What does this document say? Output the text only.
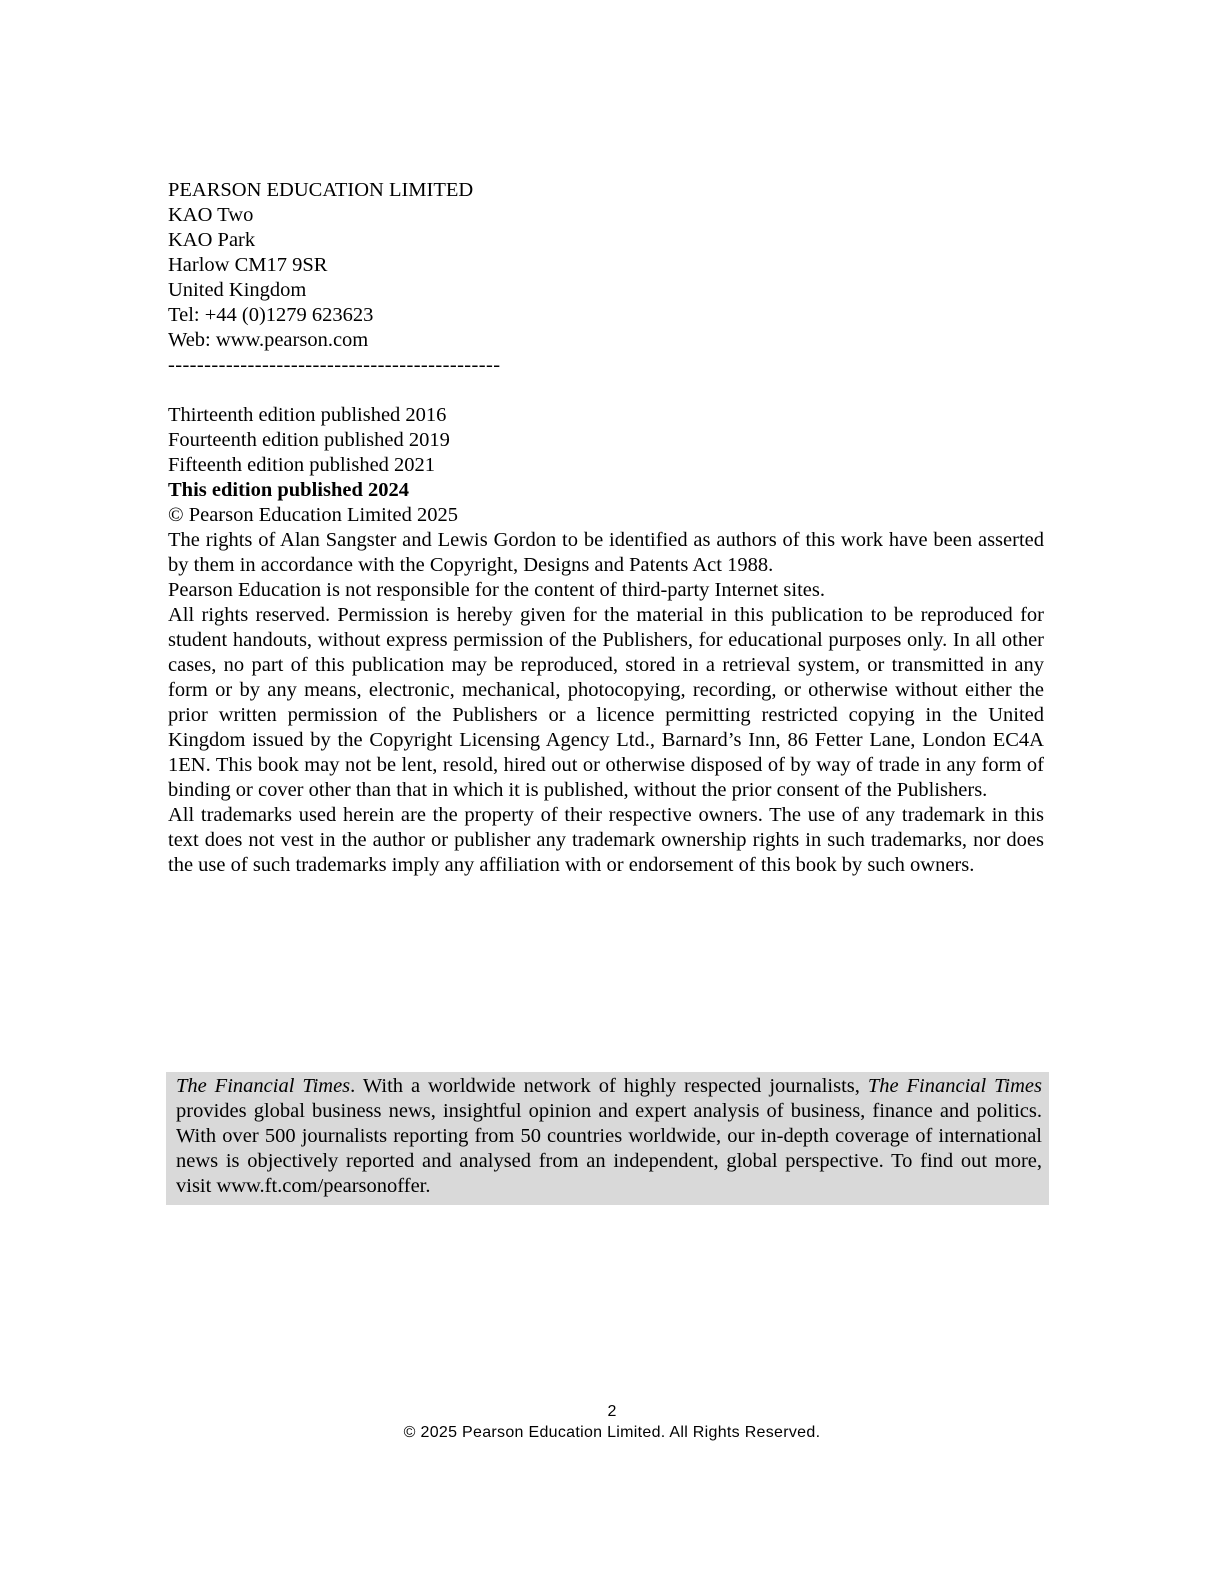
PEARSON EDUCATION LIMITED
KAO Two
KAO Park
Harlow CM17 9SR
United Kingdom
Tel: +44 (0)1279 623623
Web: www.pearson.com
----------------------------------------------
Thirteenth edition published 2016
Fourteenth edition published 2019
Fifteenth edition published 2021
This edition published 2024

© Pearson Education Limited 2025

The rights of Alan Sangster and Lewis Gordon to be identified as authors of this work have been asserted by them in accordance with the Copyright, Designs and Patents Act 1988.

Pearson Education is not responsible for the content of third-party Internet sites.

All rights reserved. Permission is hereby given for the material in this publication to be reproduced for student handouts, without express permission of the Publishers, for educational purposes only. In all other cases, no part of this publication may be reproduced, stored in a retrieval system, or transmitted in any form or by any means, electronic, mechanical, photocopying, recording, or otherwise without either the prior written permission of the Publishers or a licence permitting restricted copying in the United Kingdom issued by the Copyright Licensing Agency Ltd., Barnard’s Inn, 86 Fetter Lane, London EC4A 1EN. This book may not be lent, resold, hired out or otherwise disposed of by way of trade in any form of binding or cover other than that in which it is published, without the prior consent of the Publishers.

All trademarks used herein are the property of their respective owners. The use of any trademark in this text does not vest in the author or publisher any trademark ownership rights in such trademarks, nor does the use of such trademarks imply any affiliation with or endorsement of this book by such owners.

The Financial Times. With a worldwide network of highly respected journalists, The Financial Times provides global business news, insightful opinion and expert analysis of business, finance and politics. With over 500 journalists reporting from 50 countries worldwide, our in-depth coverage of international news is objectively reported and analysed from an independent, global perspective. To find out more, visit www.ft.com/pearsonoffer.
2
© 2025 Pearson Education Limited. All Rights Reserved.
